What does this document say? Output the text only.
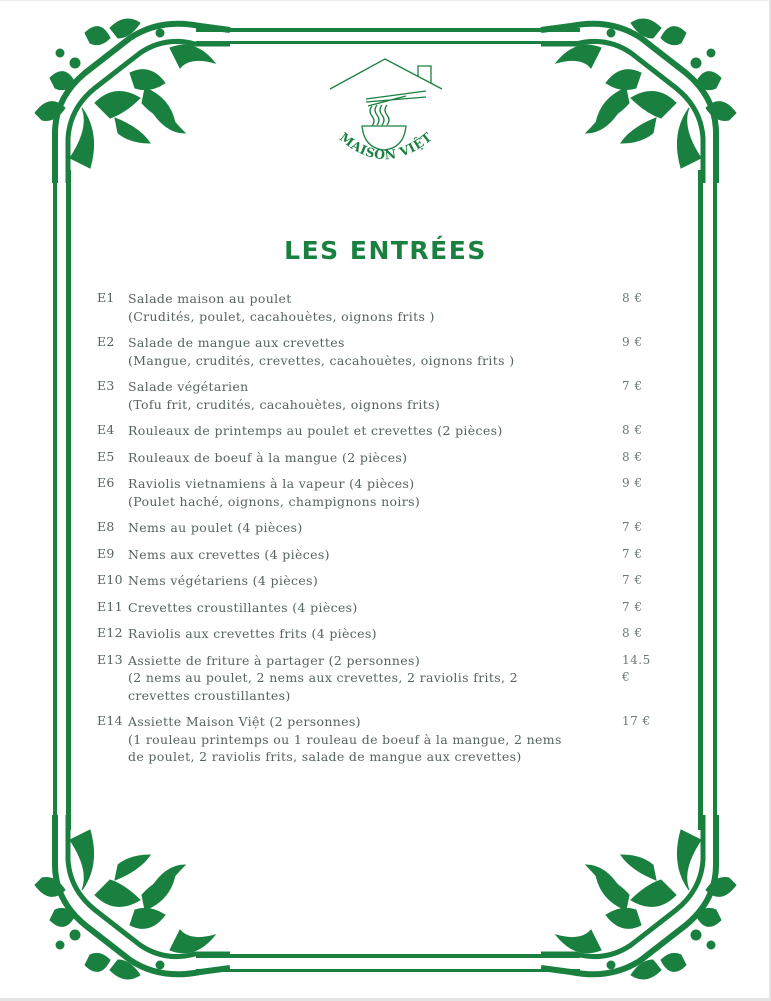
MAISON VIỆT
LES ENTRÉES
E1	Salade maison au poulet
(Crudités, poulet, cacahouètes, oignons frits )
8 €
E2	Salade de mangue aux crevettes
(Mangue, crudités, crevettes, cacahouètes, oignons frits )
9 €
E3	Salade végétarien
(Tofu frit, crudités, cacahouètes, oignons frits)
7 €
E4	Rouleaux de printemps au poulet et crevettes (2 pièces)	8 €
E5	Rouleaux de boeuf à la mangue (2 pièces)	8 €
E6	Raviolis vietnamiens à la vapeur (4 pièces)
(Poulet haché, oignons, champignons noirs)
9 €
E8	Nems au poulet (4 pièces)	7 €
E9	Nems aux crevettes (4 pièces)	7 €
E10 Nems végétariens (4 pièces)	7 €
E11 Crevettes croustillantes (4 pièces)	7 €
E12 Raviolis aux crevettes frits (4 pièces)	8 €
E13 Assiette de friture à partager (2 personnes)
(2 nems au poulet, 2 nems aux crevettes, 2 raviolis frits, 2 crevettes croustillantes)
14.5 €
E14 Assiette Maison Việt (2 personnes)
(1 rouleau printemps ou 1 rouleau de boeuf à la mangue, 2 nems de poulet, 2 raviolis frits, salade de mangue aux crevettes)
17 €
